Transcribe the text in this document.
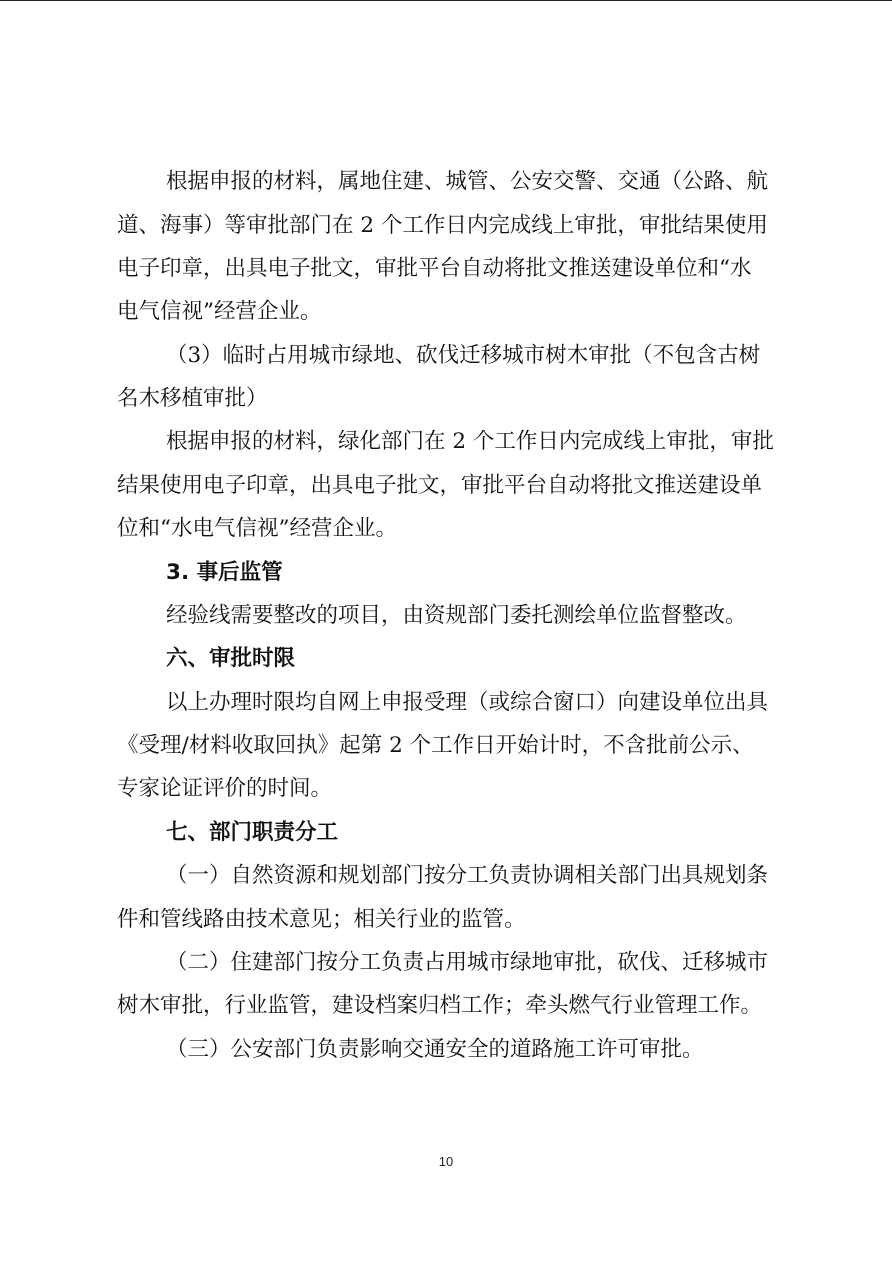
根据申报的材料，属地住建、城管、公安交警、交通（公路、航
道、海事）等审批部门在 2 个工作日内完成线上审批，审批结果使用
电子印章，出具电子批文，审批平台自动将批文推送建设单位和“水
电气信视”经营企业。
（3）临时占用城市绿地、砍伐迁移城市树木审批（不包含古树
名木移植审批）
根据申报的材料，绿化部门在 2 个工作日内完成线上审批，审批
结果使用电子印章，出具电子批文，审批平台自动将批文推送建设单
位和“水电气信视”经营企业。
3. 事后监管
经验线需要整改的项目，由资规部门委托测绘单位监督整改。
六、审批时限
以上办理时限均自网上申报受理（或综合窗口）向建设单位出具
《受理/材料收取回执》起第 2 个工作日开始计时，不含批前公示、
专家论证评价的时间。
七、部门职责分工
（一）自然资源和规划部门按分工负责协调相关部门出具规划条
件和管线路由技术意见；相关行业的监管。
（二）住建部门按分工负责占用城市绿地审批，砍伐、迁移城市
树木审批，行业监管，建设档案归档工作；牵头燃气行业管理工作。
（三）公安部门负责影响交通安全的道路施工许可审批。
10
